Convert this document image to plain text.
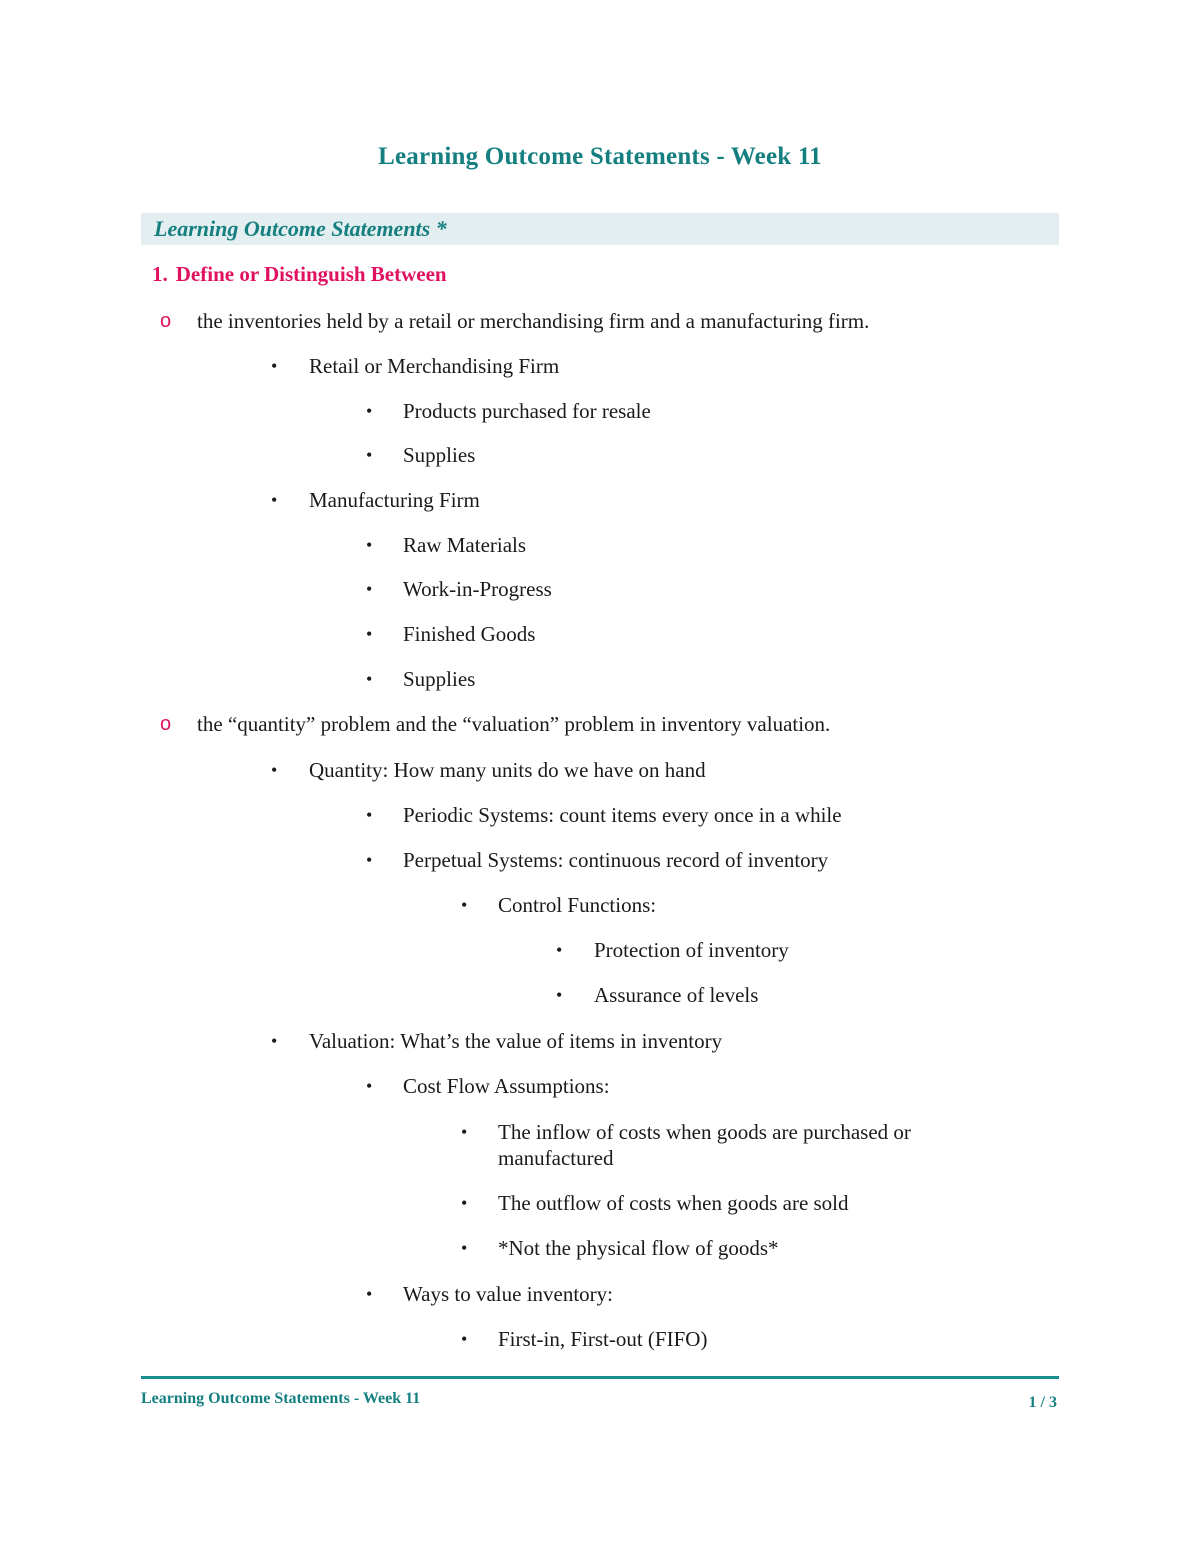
Learning Outcome Statements - Week 11
Learning Outcome Statements *
1. Define or Distinguish Between
o the inventories held by a retail or merchandising firm and a manufacturing firm.
• Retail or Merchandising Firm
• Products purchased for resale
• Supplies
• Manufacturing Firm
• Raw Materials
• Work-in-Progress
• Finished Goods
• Supplies
o the “quantity” problem and the “valuation” problem in inventory valuation.
• Quantity: How many units do we have on hand
• Periodic Systems: count items every once in a while
• Perpetual Systems: continuous record of inventory
• Control Functions:
• Protection of inventory
• Assurance of levels
• Valuation: What’s the value of items in inventory
• Cost Flow Assumptions:
• The inflow of costs when goods are purchased or
manufactured
• The outflow of costs when goods are sold
• *Not the physical flow of goods*
• Ways to value inventory:
• First-in, First-out (FIFO)
Learning Outcome Statements - Week 11	1 / 3
